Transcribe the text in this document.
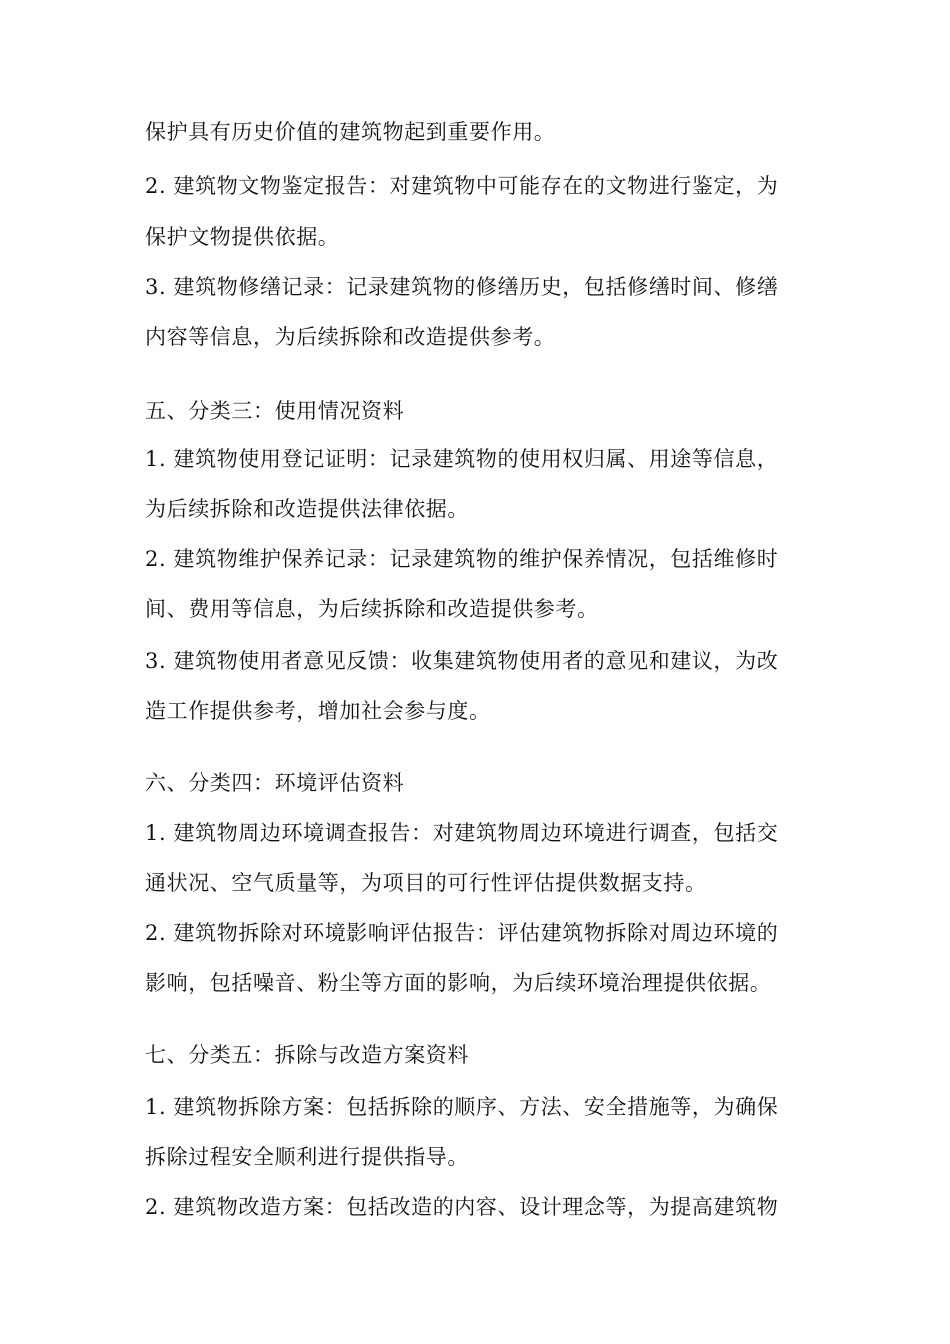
保护具有历史价值的建筑物起到重要作用。
2. 建筑物文物鉴定报告：对建筑物中可能存在的文物进行鉴定，为
保护文物提供依据。
3. 建筑物修缮记录：记录建筑物的修缮历史，包括修缮时间、修缮
内容等信息，为后续拆除和改造提供参考。
五、分类三：使用情况资料
1. 建筑物使用登记证明：记录建筑物的使用权归属、用途等信息，
为后续拆除和改造提供法律依据。
2. 建筑物维护保养记录：记录建筑物的维护保养情况，包括维修时
间、费用等信息，为后续拆除和改造提供参考。
3. 建筑物使用者意见反馈：收集建筑物使用者的意见和建议，为改
造工作提供参考，增加社会参与度。
六、分类四：环境评估资料
1. 建筑物周边环境调查报告：对建筑物周边环境进行调查，包括交
通状况、空气质量等，为项目的可行性评估提供数据支持。
2. 建筑物拆除对环境影响评估报告：评估建筑物拆除对周边环境的
影响，包括噪音、粉尘等方面的影响，为后续环境治理提供依据。
七、分类五：拆除与改造方案资料
1. 建筑物拆除方案：包括拆除的顺序、方法、安全措施等，为确保
拆除过程安全顺利进行提供指导。
2. 建筑物改造方案：包括改造的内容、设计理念等，为提高建筑物
